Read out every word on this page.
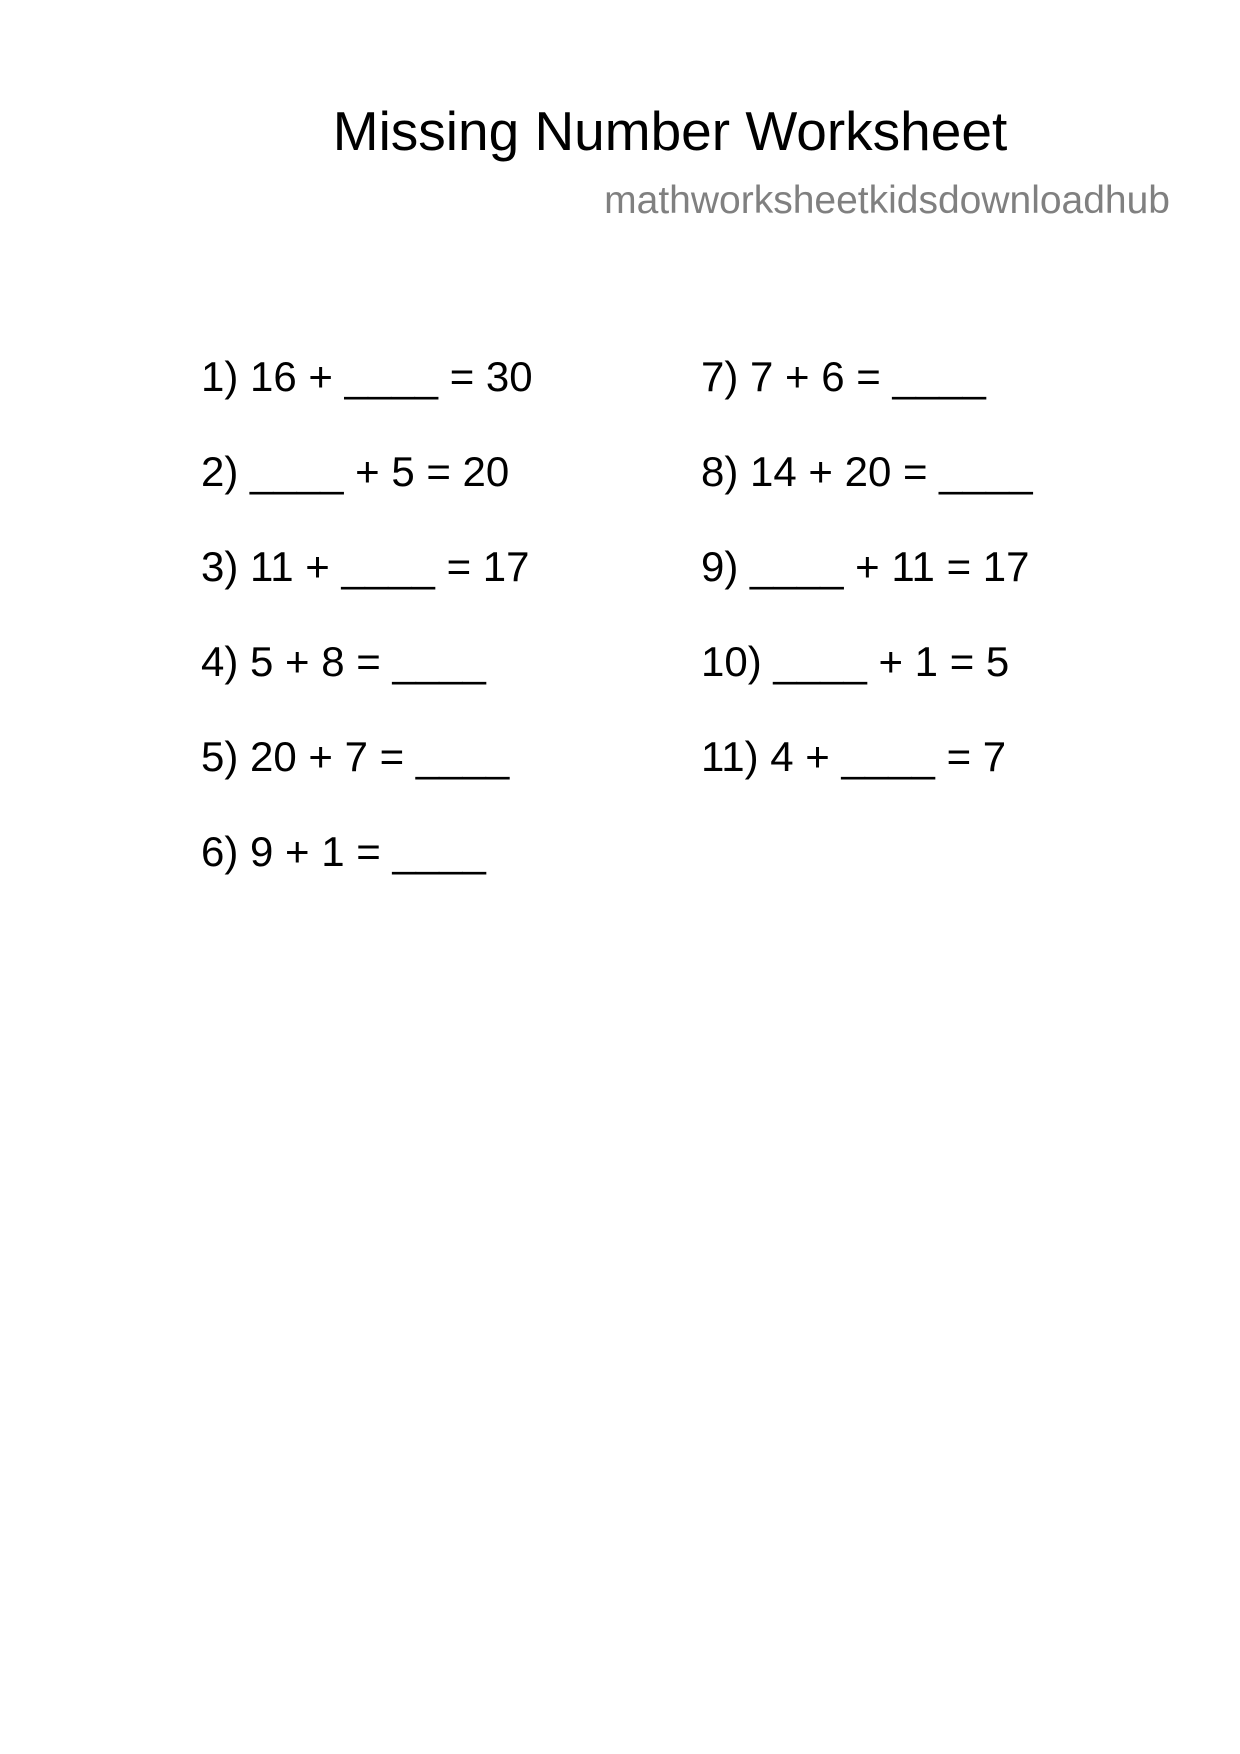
Missing Number Worksheet
mathworksheetkidsdownloadhub
1) 16 + ____ = 30
2) ____ + 5 = 20
3) 11 + ____ = 17
4) 5 + 8 = ____
5) 20 + 7 = ____
6) 9 + 1 = ____
7) 7 + 6 = ____
8) 14 + 20 = ____
9) ____ + 11 = 17
10) ____ + 1 = 5
11) 4 + ____ = 7
